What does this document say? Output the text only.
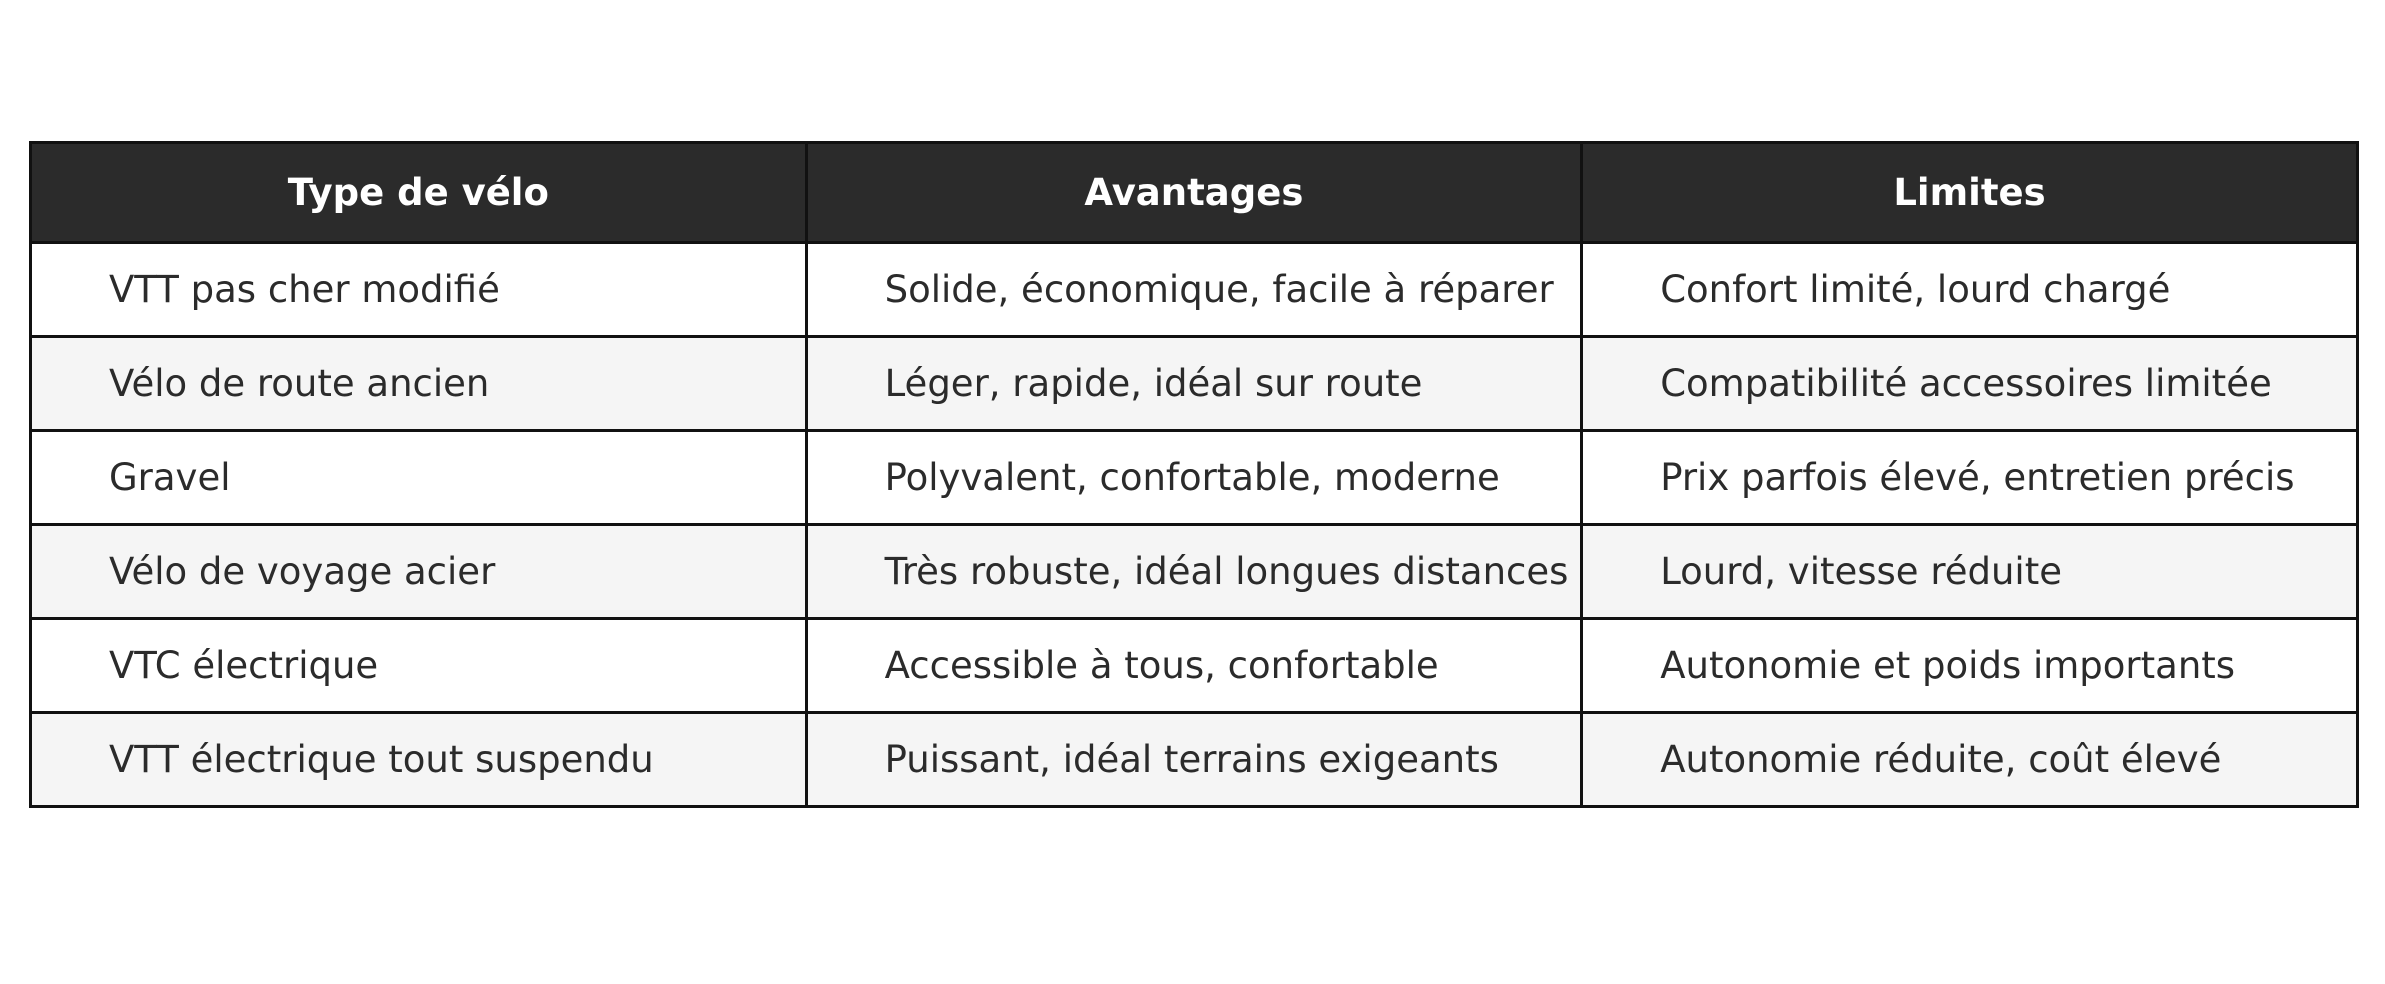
Type de vélo	Avantages	Limites
VTT pas cher modifié	Solide, économique, facile à réparer	Confort limité, lourd chargé
Vélo de route ancien	Léger, rapide, idéal sur route	Compatibilité accessoires limitée
Gravel	Polyvalent, confortable, moderne	Prix parfois élevé, entretien précis
Vélo de voyage acier	Très robuste, idéal longues distances	Lourd, vitesse réduite
VTC électrique	Accessible à tous, confortable	Autonomie et poids importants
VTT électrique tout suspendu	Puissant, idéal terrains exigeants	Autonomie réduite, coût élevé
